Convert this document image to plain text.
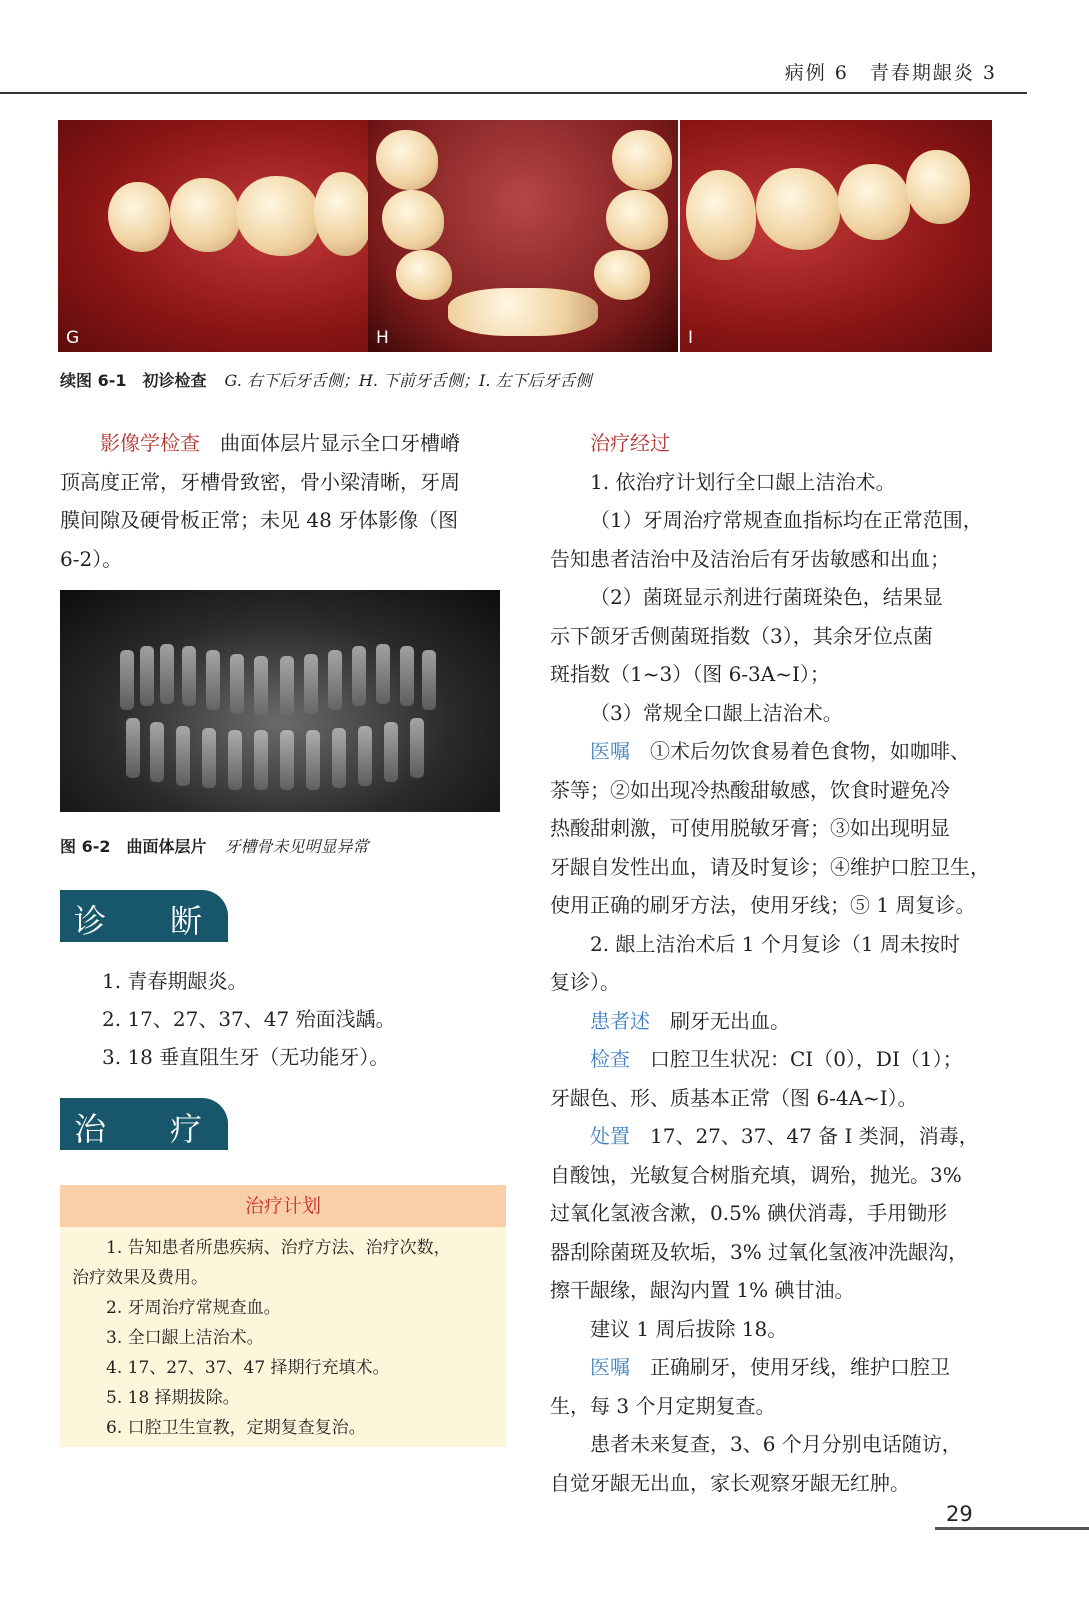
病例 6　青春期龈炎 3
G	H	I
续图 6-1　初诊检查 G. 右下后牙舌侧；H. 下前牙舌侧；I. 左下后牙舌侧
影像学检查　 曲面体层片显示全口牙槽嵴
顶高度正常，牙槽骨致密，骨小梁清晰，牙周
膜间隙及硬骨板正常；未见 48 牙体影像（图
6-2）。
图 6-2　曲面体层片 牙槽骨未见明显异常
诊　　断
1. 青春期龈炎。
2. 17、27、37、47 殆面浅龋。
3. 18 垂直阻生牙（无功能牙）。
治　　疗
治疗计划
1. 告知患者所患疾病、治疗方法、治疗次数，
治疗效果及费用。
2. 牙周治疗常规查血。
3. 全口龈上洁治术。
4. 17、27、37、47 择期行充填术。
5. 18 择期拔除。
6. 口腔卫生宣教，定期复查复治。
治疗经过
1. 依治疗计划行全口龈上洁治术。
（1）牙周治疗常规查血指标均在正常范围，
告知患者洁治中及洁治后有牙齿敏感和出血；
（2）菌斑显示剂进行菌斑染色，结果显
示下颌牙舌侧菌斑指数（3），其余牙位点菌
斑指数（1~3）（图 6-3A~I）；
（3）常规全口龈上洁治术。
医嘱　 ①术后勿饮食易着色食物，如咖啡、
茶等；②如出现冷热酸甜敏感，饮食时避免冷
热酸甜刺激，可使用脱敏牙膏；③如出现明显
牙龈自发性出血，请及时复诊；④维护口腔卫生，
使用正确的刷牙方法，使用牙线；⑤ 1 周复诊。
2. 龈上洁治术后 1 个月复诊（1 周未按时
复诊）。
患者述　 刷牙无出血。
检查　 口腔卫生状况：CI（0），DI（1）；
牙龈色、形、质基本正常（图 6-4A~I）。
处置　 17、27、37、47 备 I 类洞，消毒，
自酸蚀，光敏复合树脂充填，调殆，抛光。3%
过氧化氢液含漱，0.5% 碘伏消毒，手用锄形
器刮除菌斑及软垢，3% 过氧化氢液冲洗龈沟，
擦干龈缘，龈沟内置 1% 碘甘油。
建议 1 周后拔除 18。
医嘱　 正确刷牙，使用牙线，维护口腔卫
生，每 3 个月定期复查。
患者未来复查，3、6 个月分别电话随访，
自觉牙龈无出血，家长观察牙龈无红肿。
29
